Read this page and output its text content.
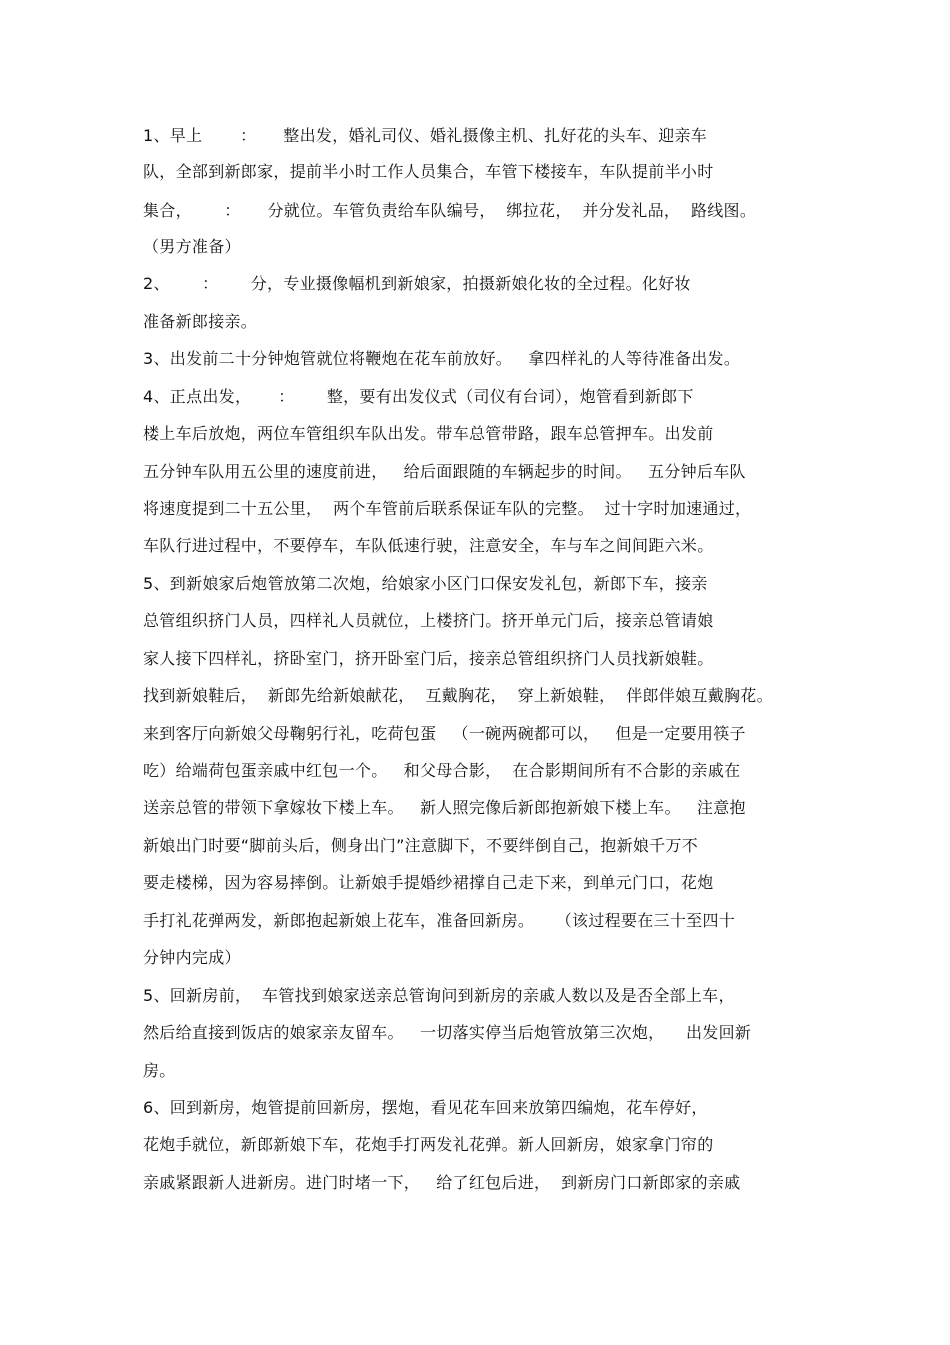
1、早上       ：     整出发，婚礼司仪、婚礼摄像主机、扎好花的头车、迎亲车
队，全部到新郎家，提前半小时工作人员集合，车管下楼接车，车队提前半小时
集合，      ：     分就位。车管负责给车队编号，  绑拉花，  并分发礼品，  路线图。
（男方准备）
2、      ：      分，专业摄像幅机到新娘家，拍摄新娘化妆的全过程。化好妆
准备新郎接亲。
3、出发前二十分钟炮管就位将鞭炮在花车前放好。   拿四样礼的人等待准备出发。
4、正点出发，     ：      整，要有出发仪式（司仪有台词），炮管看到新郎下
楼上车后放炮，两位车管组织车队出发。带车总管带路，跟车总管押车。出发前
五分钟车队用五公里的速度前进，   给后面跟随的车辆起步的时间。   五分钟后车队
将速度提到二十五公里，  两个车管前后联系保证车队的完整。  过十字时加速通过，
车队行进过程中，不要停车，车队低速行驶，注意安全，车与车之间间距六米。
5、到新娘家后炮管放第二次炮，给娘家小区门口保安发礼包，新郎下车，接亲
总管组织挤门人员，四样礼人员就位，上楼挤门。挤开单元门后，接亲总管请娘
家人接下四样礼，挤卧室门，挤开卧室门后，接亲总管组织挤门人员找新娘鞋。
找到新娘鞋后，  新郎先给新娘献花，  互戴胸花，  穿上新娘鞋，  伴郎伴娘互戴胸花。
来到客厅向新娘父母鞠躬行礼，吃荷包蛋   （一碗两碗都可以，   但是一定要用筷子
吃）给端荷包蛋亲戚中红包一个。   和父母合影，  在合影期间所有不合影的亲戚在
送亲总管的带领下拿嫁妆下楼上车。   新人照完像后新郎抱新娘下楼上车。   注意抱
新娘出门时要“脚前头后，侧身出门”注意脚下，不要绊倒自己，抱新娘千万不
要走楼梯，因为容易摔倒。让新娘手提婚纱裙撑自己走下来，到单元门口，花炮
手打礼花弹两发，新郎抱起新娘上花车，准备回新房。    （该过程要在三十至四十
分钟内完成）
5、回新房前，  车管找到娘家送亲总管询问到新房的亲戚人数以及是否全部上车，
然后给直接到饭店的娘家亲友留车。   一切落实停当后炮管放第三次炮，    出发回新
房。
6、回到新房，炮管提前回新房，摆炮，看见花车回来放第四编炮，花车停好，
花炮手就位，新郎新娘下车，花炮手打两发礼花弹。新人回新房，娘家拿门帘的
亲戚紧跟新人进新房。进门时堵一下，   给了红包后进，  到新房门口新郎家的亲戚
